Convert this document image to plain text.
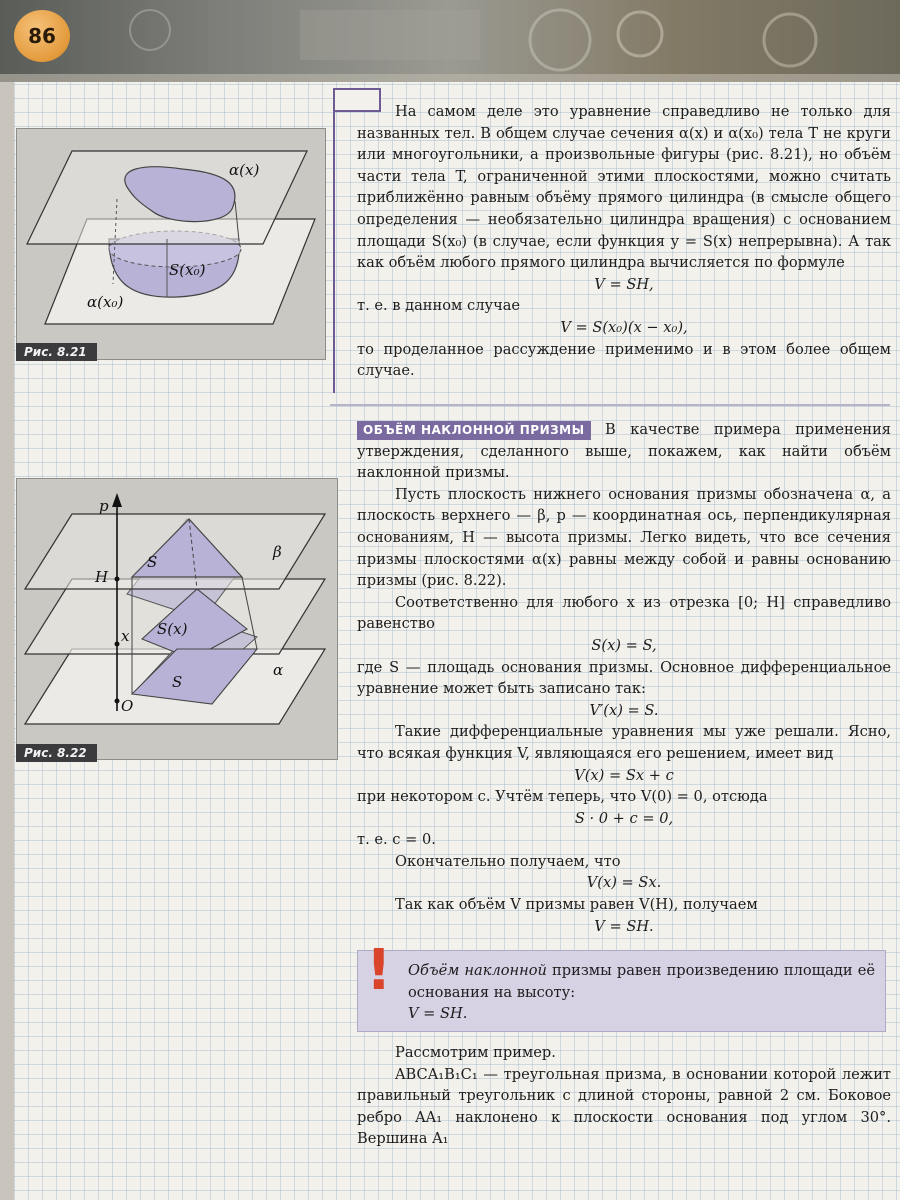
86
α(x)
S(x₀)
α(x₀)
Рис. 8.21
p
β
α
H
x
O
S
S(x)
S
Рис. 8.22

На самом деле это уравнение справедливо не только для названных тел. В общем случае сечения α(x) и α(x₀) тела T не круги или многоугольники, а произвольные фигуры (рис. 8.21), но объём части тела T, ограниченной этими плоскостями, можно считать приближённо равным объёму прямого цилиндра (в смысле общего определения — необязательно цилиндра вращения) с основанием площади S(x₀) (в случае, если функция y = S(x) непрерывна). А так как объём любого прямого цилиндра вычисляется по формуле

V = SH,

т. е. в данном случае

V = S(x₀)(x − x₀),

то проделанное рассуждение применимо и в этом более общем случае.

ОБЪЁМ НАКЛОННОЙ ПРИЗМЫ В качестве примера применения утверждения, сделанного выше, покажем, как найти объём наклонной призмы.

Пусть плоскость нижнего основания призмы обозначена α, а плоскость верхнего — β, p — координатная ось, перпендикулярная основаниям, H — высота призмы. Легко видеть, что все сечения призмы плоскостями α(x) равны между собой и равны основанию призмы (рис. 8.22).

Соответственно для любого x из отрезка [0; H] справедливо равенство

S(x) = S,

где S — площадь основания призмы. Основное дифференциальное уравнение может быть записано так:

V′(x) = S.

Такие дифференциальные уравнения мы уже решали. Ясно, что всякая функция V, являющаяся его решением, имеет вид

V(x) = Sx + c

при некотором c. Учтём теперь, что V(0) = 0, отсюда

S · 0 + c = 0,

т. е. c = 0.

Окончательно получаем, что

V(x) = Sx.

Так как объём V призмы равен V(H), получаем

V = SH.

Объём наклонной призмы равен произведению площади её основания на высоту:

V = SH.

!

Рассмотрим пример.

ABCA₁B₁C₁ — треугольная призма, в основании которой лежит правильный треугольник с длиной стороны, равной 2 см. Боковое ребро AA₁ наклонено к плоскости основания под углом 30°. Вершина A₁
